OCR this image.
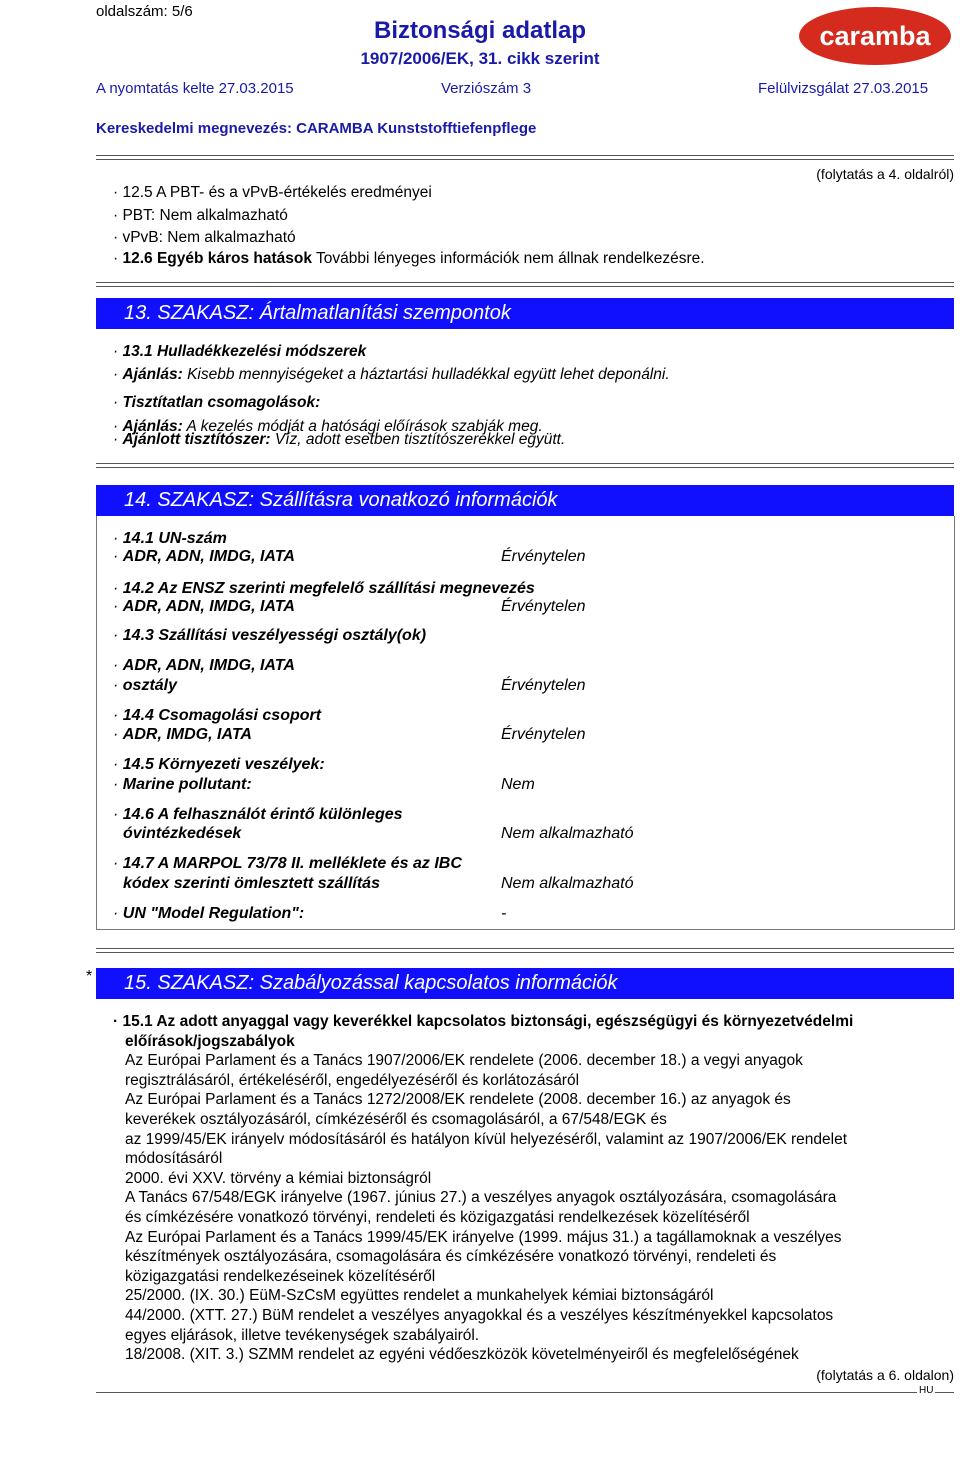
oldalszám: 5/6
Biztonsági adatlap
1907/2006/EK, 31. cikk szerint
caramba
A nyomtatás kelte 27.03.2015	Verziószám 3	Felülvizsgálat 27.03.2015
Kereskedelmi megnevezés: CARAMBA Kunststofftiefenpflege
(folytatás a 4. oldalról)
· 12.5 A PBT- és a vPvB-értékelés eredményei
· PBT: Nem alkalmazható
· vPvB: Nem alkalmazható
· 12.6 Egyéb káros hatások További lényeges információk nem állnak rendelkezésre.
13. SZAKASZ: Ártalmatlanítási szempontok
· 13.1 Hulladékkezelési módszerek
· Ajánlás: Kisebb mennyiségeket a háztartási hulladékkal együtt lehet deponálni.
· Tisztítatlan csomagolások:
· Ajánlás: A kezelés módját a hatósági előírások szabják meg.
· Ajánlott tisztítószer: Víz, adott esetben tisztítószerekkel együtt.
14. SZAKASZ: Szállításra vonatkozó információk
· 14.1 UN-szám
· ADR, ADN, IMDG, IATA	Érvénytelen
· 14.2 Az ENSZ szerinti megfelelő szállítási megnevezés
· ADR, ADN, IMDG, IATA	Érvénytelen
· 14.3 Szállítási veszélyességi osztály(ok)
· ADR, ADN, IMDG, IATA
· osztály	Érvénytelen
· 14.4 Csomagolási csoport
· ADR, IMDG, IATA	Érvénytelen
· 14.5 Környezeti veszélyek:
· Marine pollutant:	Nem
· 14.6 A felhasználót érintő különleges
óvintézkedések	Nem alkalmazható
· 14.7 A MARPOL 73/78 II. melléklete és az IBC
kódex szerinti ömlesztett szállítás	Nem alkalmazható
· UN "Model Regulation":	-
*	15. SZAKASZ: Szabályozással kapcsolatos információk
· 15.1 Az adott anyaggal vagy keverékkel kapcsolatos biztonsági, egészségügyi és környezetvédelmi
előírások/jogszabályok
Az Európai Parlament és a Tanács 1907/2006/EK rendelete (2006. december 18.) a vegyi anyagok
regisztrálásáról, értékeléséről, engedélyezéséről és korlátozásáról
Az Európai Parlament és a Tanács 1272/2008/EK rendelete (2008. december 16.) az anyagok és
keverékek osztályozásáról, címkézéséről és csomagolásáról, a 67/548/EGK és
az 1999/45/EK irányelv módosításáról és hatályon kívül helyezéséről, valamint az 1907/2006/EK rendelet
módosításáról
2000. évi XXV. törvény a kémiai biztonságról
A Tanács 67/548/EGK irányelve (1967. június 27.) a veszélyes anyagok osztályozására, csomagolására
és címkézésére vonatkozó törvényi, rendeleti és közigazgatási rendelkezések közelítéséről
Az Európai Parlament és a Tanács 1999/45/EK irányelve (1999. május 31.) a tagállamoknak a veszélyes
készítmények osztályozására, csomagolására és címkézésére vonatkozó törvényi, rendeleti és
közigazgatási rendelkezéseinek közelítéséről
25/2000. (IX. 30.) EüM-SzCsM együttes rendelet a munkahelyek kémiai biztonságáról
44/2000. (XTT. 27.) BüM rendelet a veszélyes anyagokkal és a veszélyes készítményekkel kapcsolatos
egyes eljárások, illetve tevékenységek szabályairól.
18/2008. (XIT. 3.) SZMM rendelet az egyéni védőeszközök követelményeiről és megfelelőségének
(folytatás a 6. oldalon)
HU
